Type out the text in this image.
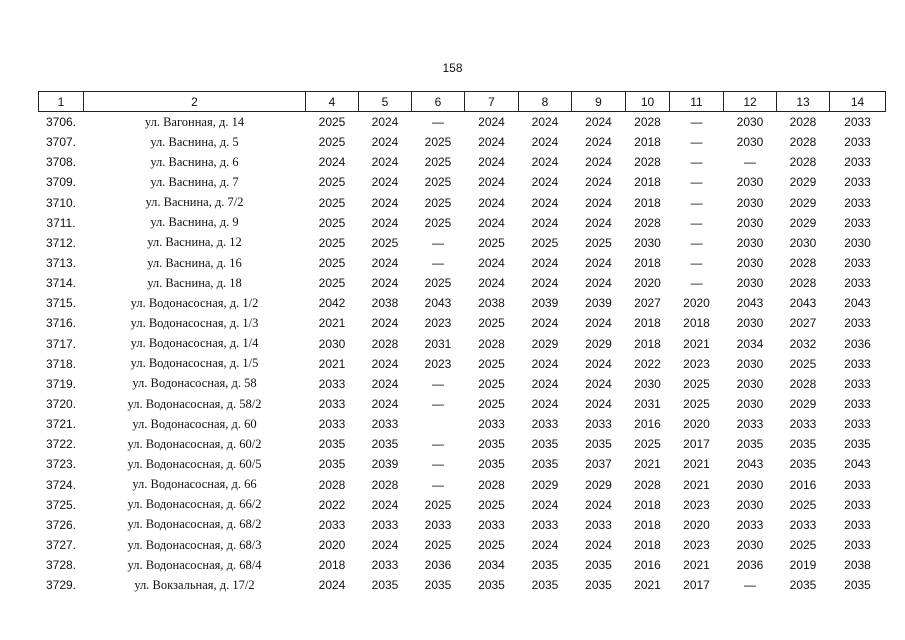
158
1	2	4	5	6	7	8	9	10	11	12	13	14
3706.	ул. Вагонная, д. 14	2025	2024	—	2024	2024	2024	2028	—	2030	2028	2033
3707.	ул. Васнина, д. 5	2025	2024	2025	2024	2024	2024	2018	—	2030	2028	2033
3708.	ул. Васнина, д. 6	2024	2024	2025	2024	2024	2024	2028	—	—	2028	2033
3709.	ул. Васнина, д. 7	2025	2024	2025	2024	2024	2024	2018	—	2030	2029	2033
3710.	ул. Васнина, д. 7/2	2025	2024	2025	2024	2024	2024	2018	—	2030	2029	2033
3711.	ул. Васнина, д. 9	2025	2024	2025	2024	2024	2024	2028	—	2030	2029	2033
3712.	ул. Васнина, д. 12	2025	2025	—	2025	2025	2025	2030	—	2030	2030	2030
3713.	ул. Васнина, д. 16	2025	2024	—	2024	2024	2024	2018	—	2030	2028	2033
3714.	ул. Васнина, д. 18	2025	2024	2025	2024	2024	2024	2020	—	2030	2028	2033
3715.	ул. Водонасосная, д. 1/2	2042	2038	2043	2038	2039	2039	2027	2020	2043	2043	2043
3716.	ул. Водонасосная, д. 1/3	2021	2024	2023	2025	2024	2024	2018	2018	2030	2027	2033
3717.	ул. Водонасосная, д. 1/4	2030	2028	2031	2028	2029	2029	2018	2021	2034	2032	2036
3718.	ул. Водонасосная, д. 1/5	2021	2024	2023	2025	2024	2024	2022	2023	2030	2025	2033
3719.	ул. Водонасосная, д. 58	2033	2024	—	2025	2024	2024	2030	2025	2030	2028	2033
3720.	ул. Водонасосная, д. 58/2	2033	2024	—	2025	2024	2024	2031	2025	2030	2029	2033
3721.	ул. Водонасосная, д. 60	2033	2033		2033	2033	2033	2016	2020	2033	2033	2033
3722.	ул. Водонасосная, д. 60/2	2035	2035	—	2035	2035	2035	2025	2017	2035	2035	2035
3723.	ул. Водонасосная, д. 60/5	2035	2039	—	2035	2035	2037	2021	2021	2043	2035	2043
3724.	ул. Водонасосная, д. 66	2028	2028	—	2028	2029	2029	2028	2021	2030	2016	2033
3725.	ул. Водонасосная, д. 66/2	2022	2024	2025	2025	2024	2024	2018	2023	2030	2025	2033
3726.	ул. Водонасосная, д. 68/2	2033	2033	2033	2033	2033	2033	2018	2020	2033	2033	2033
3727.	ул. Водонасосная, д. 68/3	2020	2024	2025	2025	2024	2024	2018	2023	2030	2025	2033
3728.	ул. Водонасосная, д. 68/4	2018	2033	2036	2034	2035	2035	2016	2021	2036	2019	2038
3729.	ул. Вокзальная, д. 17/2	2024	2035	2035	2035	2035	2035	2021	2017	—	2035	2035
